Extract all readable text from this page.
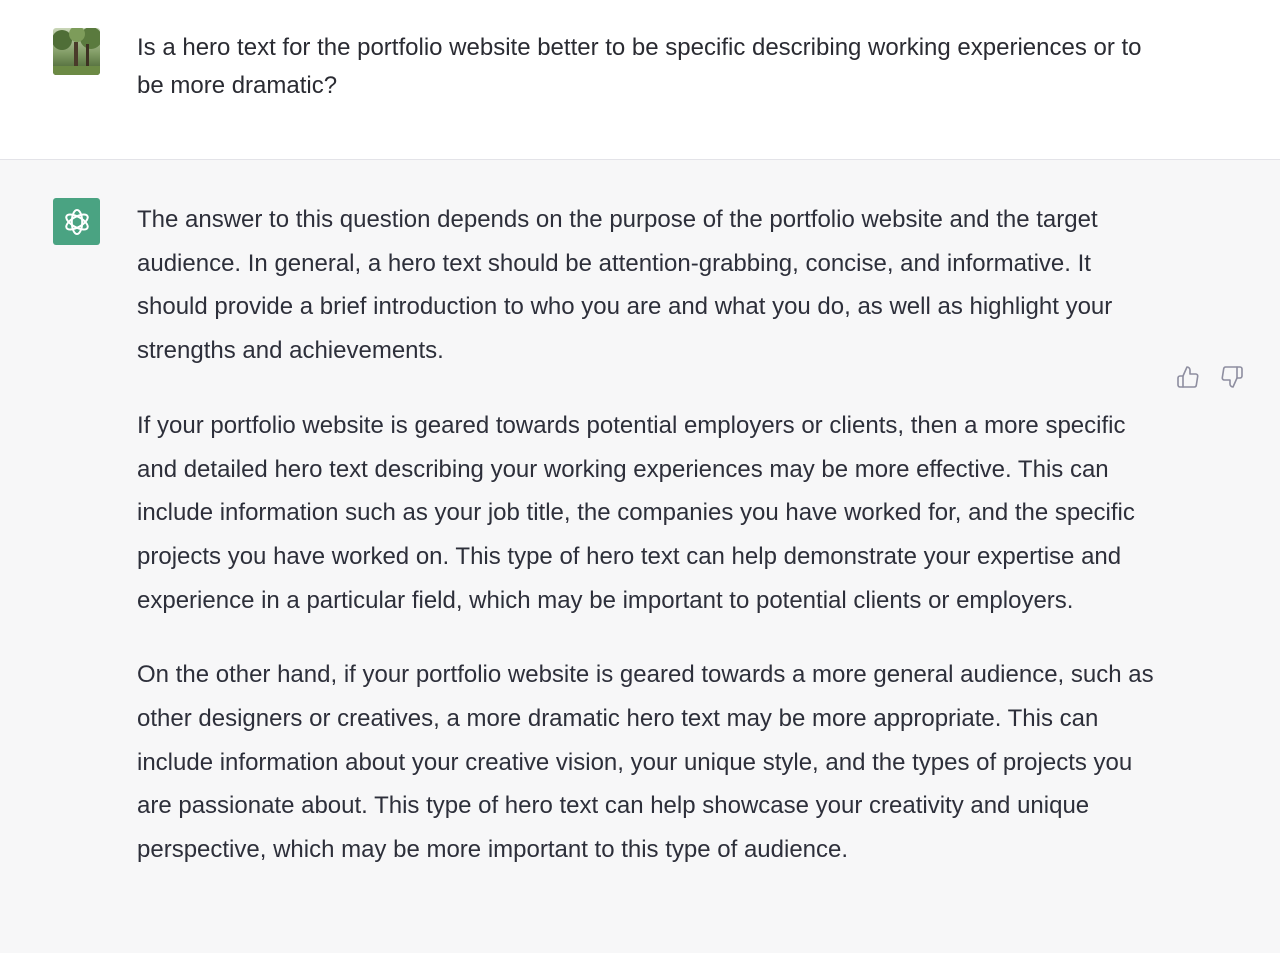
Is a hero text for the portfolio website better to be specific describing working experiences or to be more dramatic?

The answer to this question depends on the purpose of the portfolio website and the target audience. In general, a hero text should be attention-grabbing, concise, and informative. It should provide a brief introduction to who you are and what you do, as well as highlight your strengths and achievements.

If your portfolio website is geared towards potential employers or clients, then a more specific and detailed hero text describing your working experiences may be more effective. This can include information such as your job title, the companies you have worked for, and the specific projects you have worked on. This type of hero text can help demonstrate your expertise and experience in a particular field, which may be important to potential clients or employers.

On the other hand, if your portfolio website is geared towards a more general audience, such as other designers or creatives, a more dramatic hero text may be more appropriate. This can include information about your creative vision, your unique style, and the types of projects you are passionate about. This type of hero text can help showcase your creativity and unique perspective, which may be more important to this type of audience.
